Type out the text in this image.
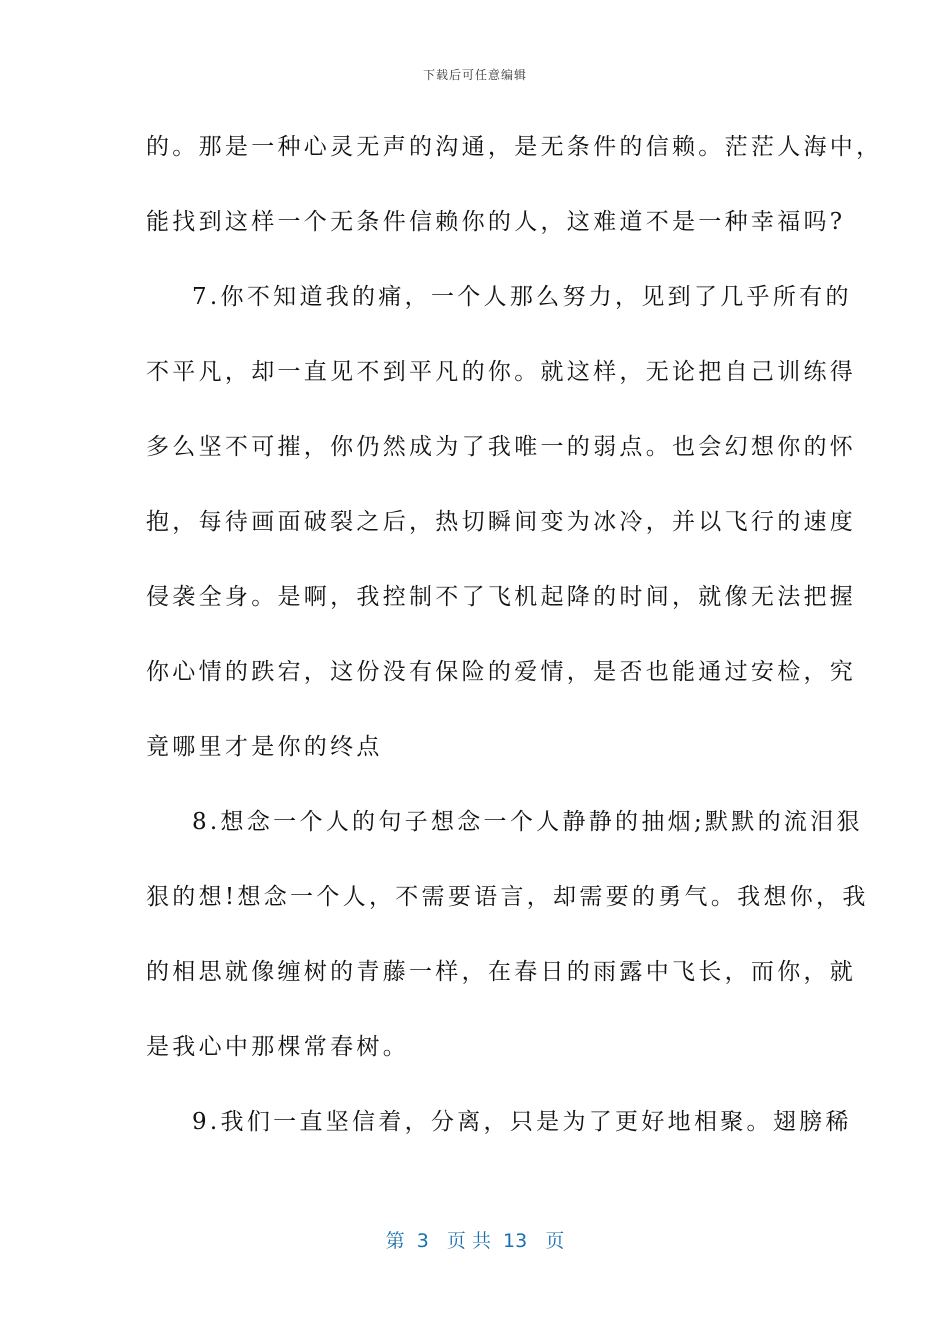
下载后可任意编辑
的。那是一种心灵无声的沟通，是无条件的信赖。茫茫人海中，
能找到这样一个无条件信赖你的人，这难道不是一种幸福吗?
7.你不知道我的痛，一个人那么努力，见到了几乎所有的
不平凡，却一直见不到平凡的你。就这样，无论把自己训练得
多么坚不可摧，你仍然成为了我唯一的弱点。也会幻想你的怀
抱，每待画面破裂之后，热切瞬间变为冰冷，并以飞行的速度
侵袭全身。是啊，我控制不了飞机起降的时间，就像无法把握
你心情的跌宕，这份没有保险的爱情，是否也能通过安检，究
竟哪里才是你的终点
8.想念一个人的句子想念一个人静静的抽烟;默默的流泪狠
狠的想!想念一个人，不需要语言，却需要的勇气。我想你，我
的相思就像缠树的青藤一样，在春日的雨露中飞长，而你，就
是我心中那棵常春树。
9.我们一直坚信着，分离，只是为了更好地相聚。翅膀稀
第  3   页 共  13   页
